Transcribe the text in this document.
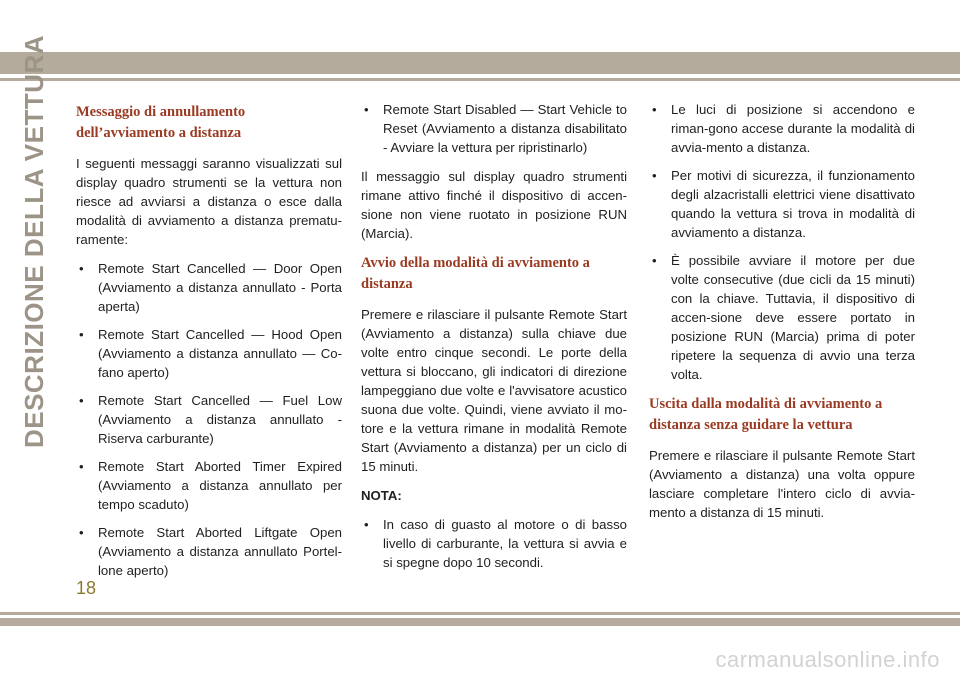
DESCRIZIONE DELLA VETTURA Messaggio di annullamento dell’avviamento a distanza

I seguenti messaggi saranno visualizzati sul display quadro strumenti se la vettura non riesce ad avviarsi a distanza o esce dalla modalità di avviamento a distanza prematu-ramente:

• Remote Start Cancelled — Door Open (Avviamento a distanza annullato - Porta aperta)
• Remote Start Cancelled — Hood Open (Avviamento a distanza annullato — Co-fano aperto)
• Remote Start Cancelled — Fuel Low (Avviamento a distanza annullato - Riserva carburante)
• Remote Start Aborted Timer Expired (Avviamento a distanza annullato per tempo scaduto)
• Remote Start Aborted Liftgate Open (Avviamento a distanza annullato Portel-lone aperto)
• Remote Start Disabled — Start Vehicle to Reset (Avviamento a distanza disabilitato - Avviare la vettura per ripristinarlo)

Il messaggio sul display quadro strumenti rimane attivo finché il dispositivo di accen-sione non viene ruotato in posizione RUN (Marcia).

Avvio della modalità di avviamento a distanza

Premere e rilasciare il pulsante Remote Start (Avviamento a distanza) sulla chiave due volte entro cinque secondi. Le porte della vettura si bloccano, gli indicatori di direzione lampeggiano due volte e l'avvisatore acustico suona due volte. Quindi, viene avviato il mo-tore e la vettura rimane in modalità Remote Start (Avviamento a distanza) per un ciclo di 15 minuti.

NOTA:

• In caso di guasto al motore o di basso livello di carburante, la vettura si avvia e si spegne dopo 10 secondi.
• Le luci di posizione si accendono e riman-gono accese durante la modalità di avvia-mento a distanza.
• Per motivi di sicurezza, il funzionamento degli alzacristalli elettrici viene disattivato quando la vettura si trova in modalità di avviamento a distanza.
• È possibile avviare il motore per due volte consecutive (due cicli da 15 minuti) con la chiave. Tuttavia, il dispositivo di accen-sione deve essere portato in posizione RUN (Marcia) prima di poter ripetere la sequenza di avvio una terza volta.
Uscita dalla modalità di avviamento a distanza senza guidare la vettura

Premere e rilasciare il pulsante Remote Start (Avviamento a distanza) una volta oppure lasciare completare l'intero ciclo di avvia-mento a distanza di 15 minuti.

18
carmanualsonline.info
